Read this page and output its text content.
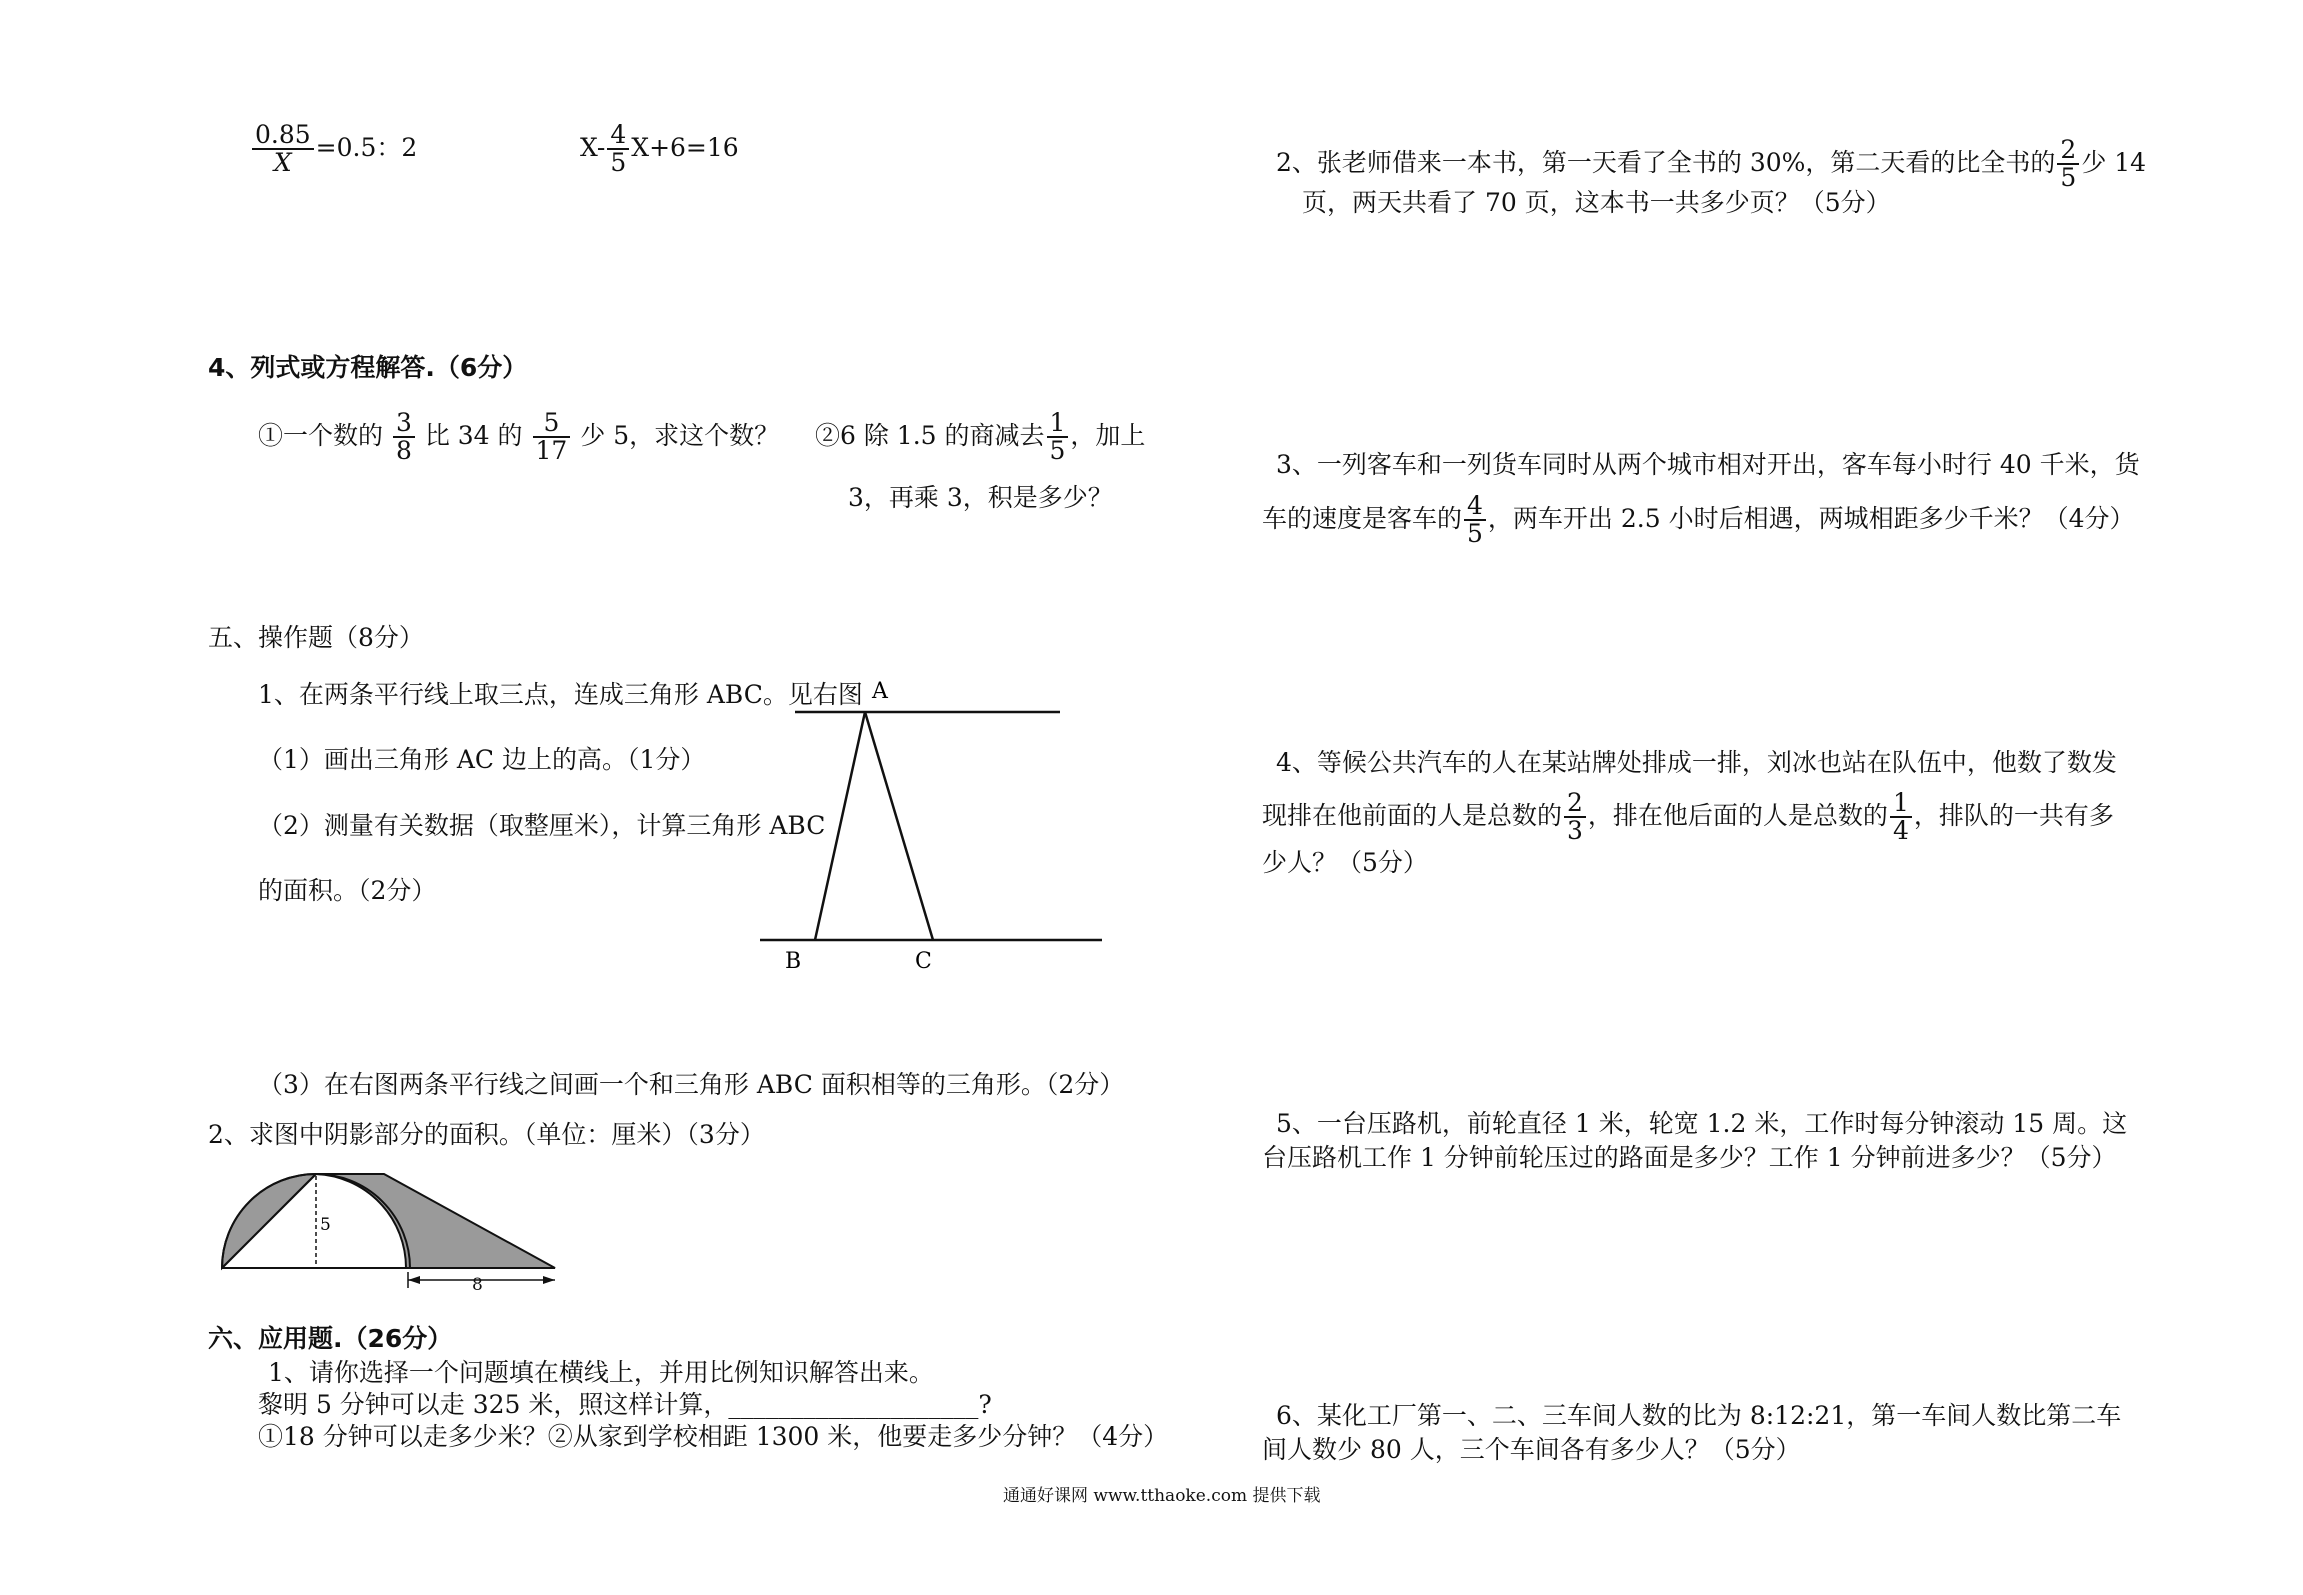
$\frac{0.85}{X} =0.5$：2	$X- \frac{4}{5} X+6=16$
4、列式或方程解答.（6分）
①一个数的 $\frac{3}{8}$ 比 34 的 $\frac{5}{17}$ 少 5，求这个数？ ②6 除 1.5 的商减去 $\frac{1}{5}$ ，加上
3，再乘 3，积是多少？
五、操作题（8分）
1、在两条平行线上取三点，连成三角形 ABC。见右图
（1）画出三角形 AC 边上的高。（1分）
（2）测量有关数据（取整厘米），计算三角形 ABC
的面积。（2分）
A
B	C
（3）在右图两条平行线之间画一个和三角形 ABC 面积相等的三角形。（2分）
2、求图中阴影部分的面积。（单位：厘米）（3分）
5
8
六、应用题.（26分）
1、请你选择一个问题填在横线上，并用比例知识解答出来。
黎明 5 分钟可以走 325 米，照这样计算，____________________?
①18 分钟可以走多少米？②从家到学校相距 1300 米，他要走多少分钟？（4分）
2、张老师借来一本书，第一天看了全书的 30%，第二天看的比全书的 $\frac{2}{5}$ 少 14
页，两天共看了 70 页，这本书一共多少页？（5分）
3、一列客车和一列货车同时从两个城市相对开出，客车每小时行 40 千米，货
车的速度是客车的 $\frac{4}{5}$ ，两车开出 2.5 小时后相遇，两城相距多少千米？（4分）
4、等候公共汽车的人在某站牌处排成一排，刘冰也站在队伍中，他数了数发
现排在他前面的人是总数的 $\frac{2}{3}$ ，排在他后面的人是总数的 $\frac{1}{4}$ ，排队的一共有多
少人？（5分）
5、一台压路机，前轮直径 1 米，轮宽 1.2 米，工作时每分钟滚动 15 周。这
台压路机工作 1 分钟前轮压过的路面是多少？工作 1 分钟前进多少？（5分）
6、某化工厂第一、二、三车间人数的比为 8:12:21，第一车间人数比第二车
间人数少 80 人，三个车间各有多少人？（5分）
通通好课网 www.tthaoke.com 提供下载
